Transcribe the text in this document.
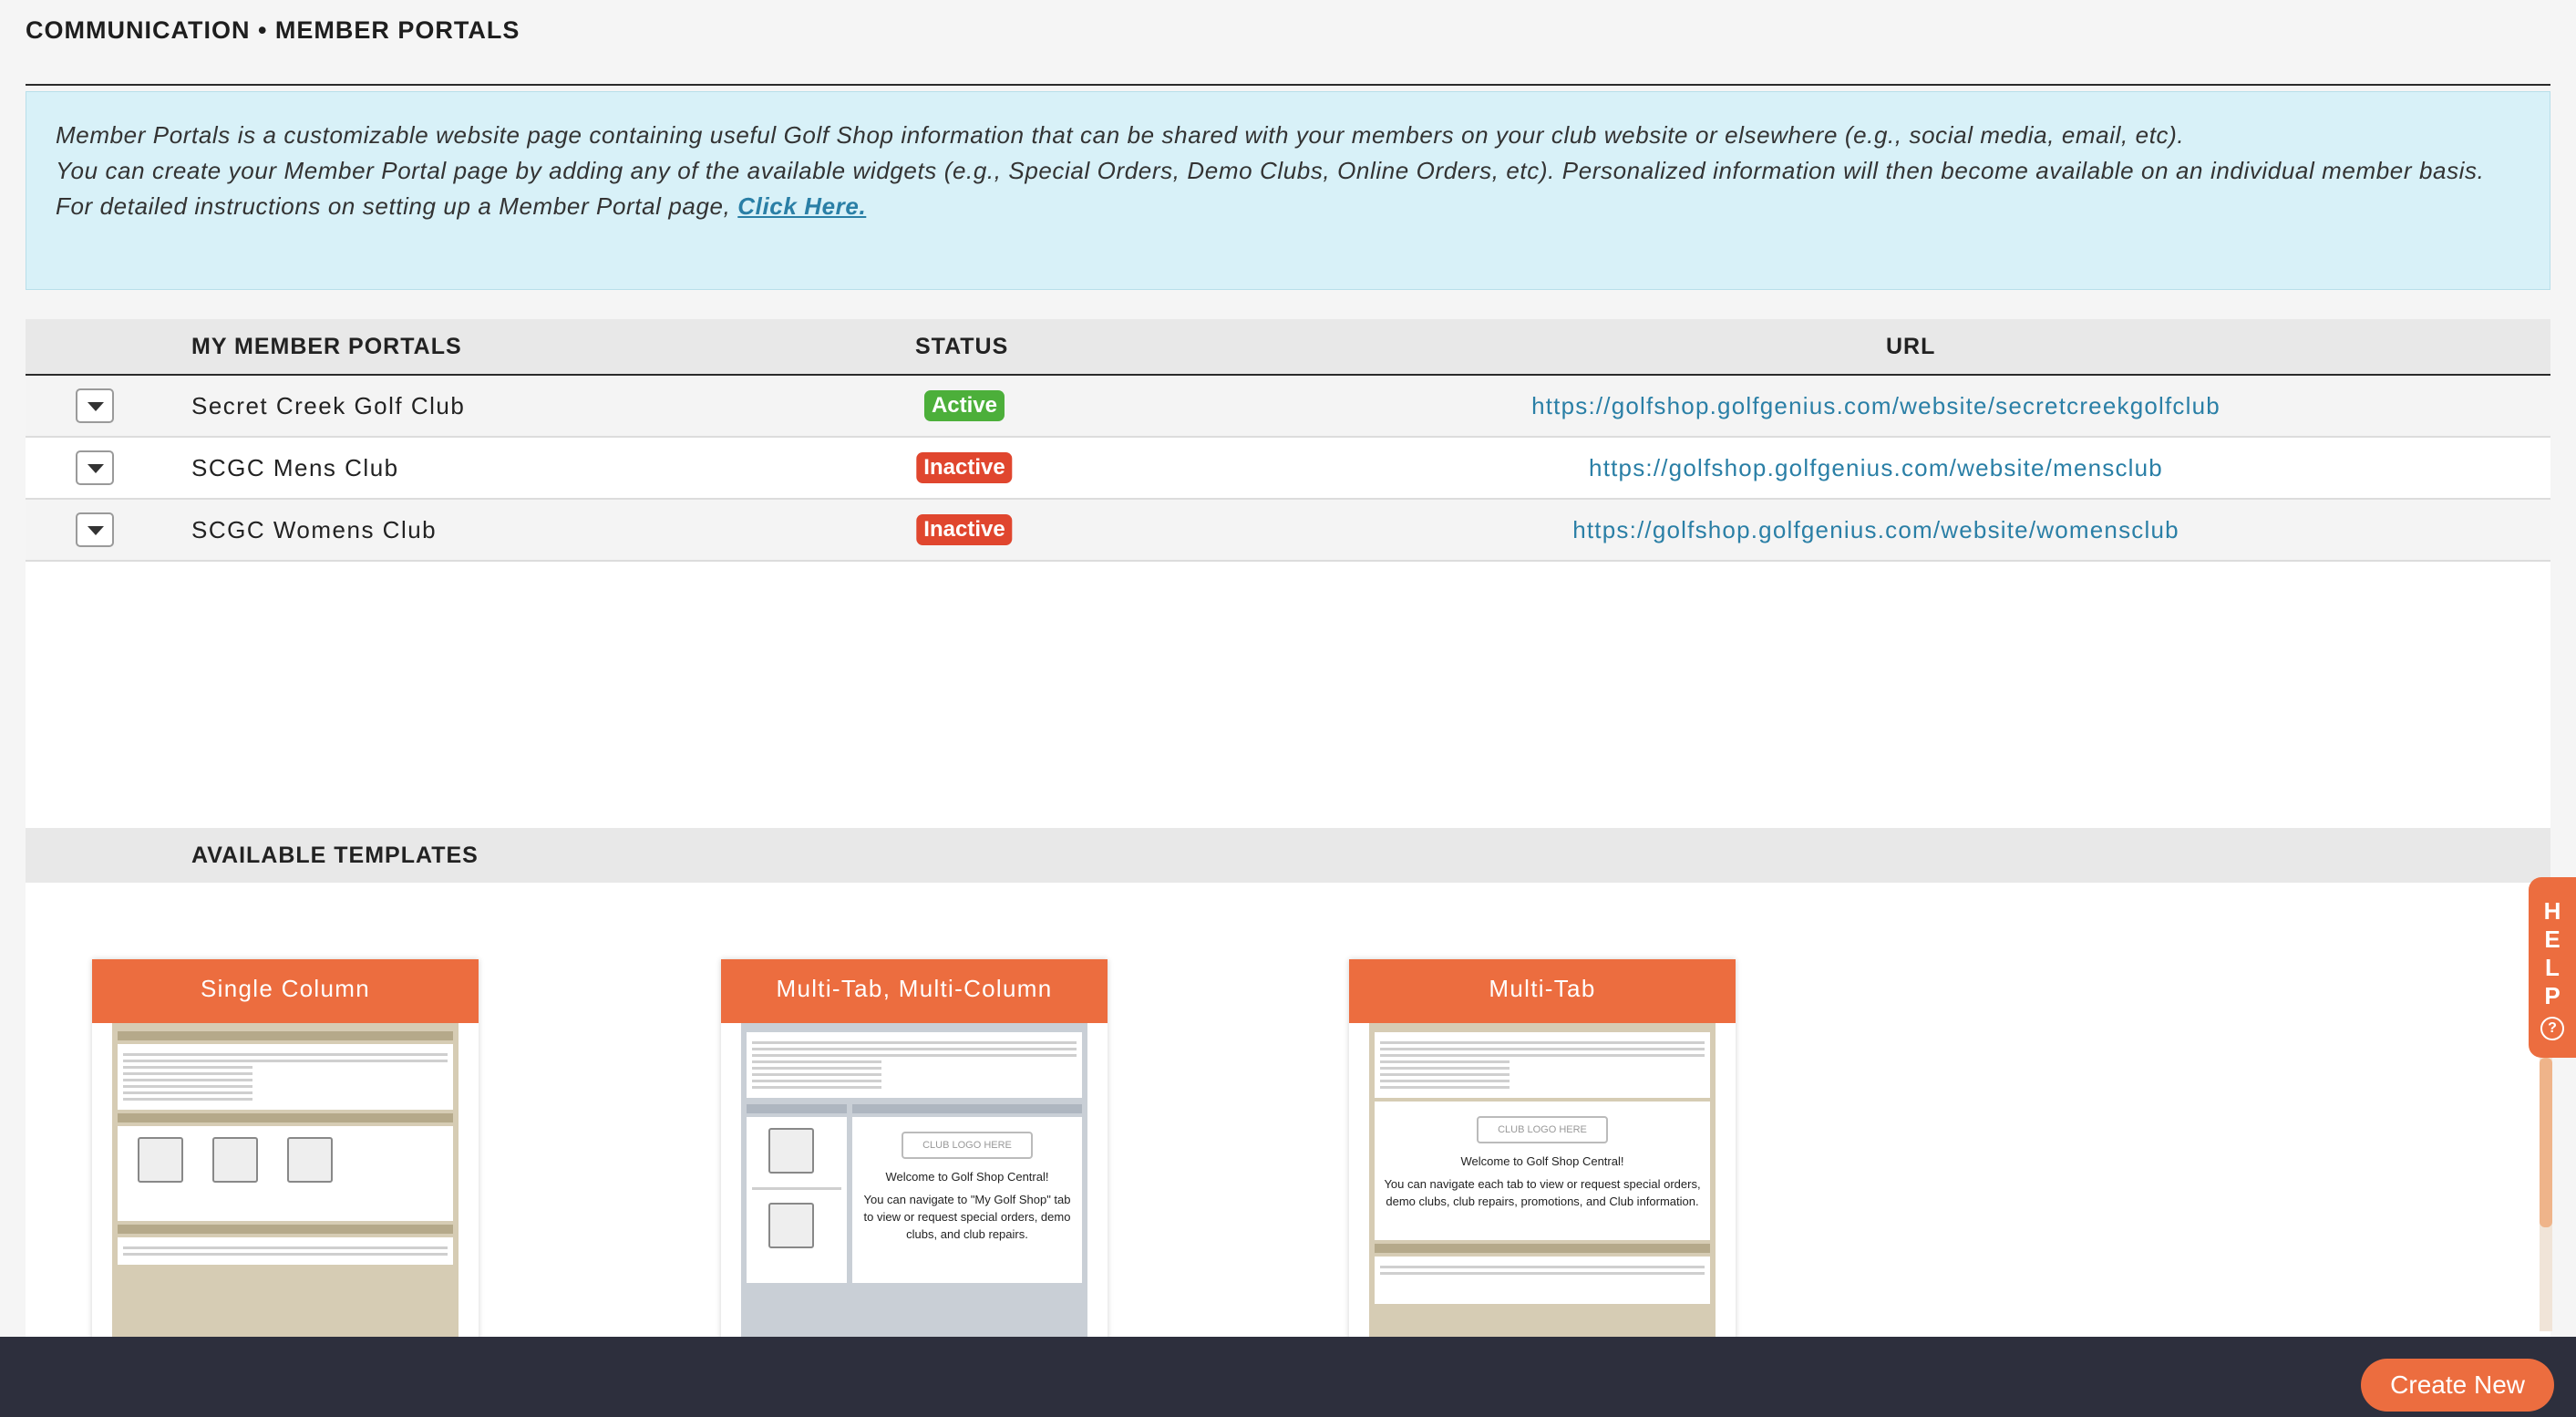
COMMUNICATION • MEMBER PORTALS

Member Portals is a customizable website page containing useful Golf Shop information that can be shared with your members on your club website or elsewhere (e.g., social media, email, etc).

You can create your Member Portal page by adding any of the available widgets (e.g., Special Orders, Demo Clubs, Online Orders, etc). Personalized information will then become available on an individual member basis.

For detailed instructions on setting up a Member Portal page, Click Here.

MY MEMBER PORTALS	STATUS	URL
Secret Creek Golf Club	Active	https://golfshop.golfgenius.com/website/secretcreekgolfclub
SCGC Mens Club	Inactive	https://golfshop.golfgenius.com/website/mensclub
SCGC Womens Club	Inactive	https://golfshop.golfgenius.com/website/womensclub
AVAILABLE TEMPLATES
Single Column	Multi-Tab, Multi-Column
CLUB LOGO HERE
Welcome to Golf Shop Central!
You can navigate to "My Golf Shop" tab to view or request special orders, demo clubs, and club repairs.
Multi-Tab
CLUB LOGO HERE
Welcome to Golf Shop Central!
You can navigate each tab to view or request special orders, demo clubs, club repairs, promotions, and Club information.
H
E
L
P
?
Create New
